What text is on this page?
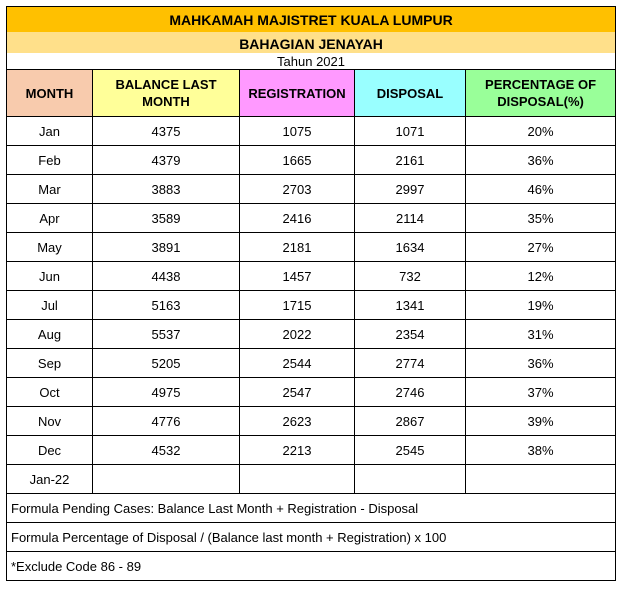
MAHKAMAH MAJISTRET KUALA LUMPUR				
BAHAGIAN JENAYAH				
Tahun 2021				
MONTH	BALANCE LAST MONTH	REGISTRATION	DISPOSAL	PERCENTAGE OF DISPOSAL(%)
Jan	4375	1075	1071	20%
Feb	4379	1665	2161	36%
Mar	3883	2703	2997	46%
Apr	3589	2416	2114	35%
May	3891	2181	1634	27%
Jun	4438	1457	732	12%
Jul	5163	1715	1341	19%
Aug	5537	2022	2354	31%
Sep	5205	2544	2774	36%
Oct	4975	2547	2746	37%
Nov	4776	2623	2867	39%
Dec	4532	2213	2545	38%
Jan-22				
Formula Pending Cases: Balance Last Month + Registration - Disposal				
Formula Percentage of Disposal / (Balance last month + Registration) x 100				
*Exclude Code 86 - 89				
